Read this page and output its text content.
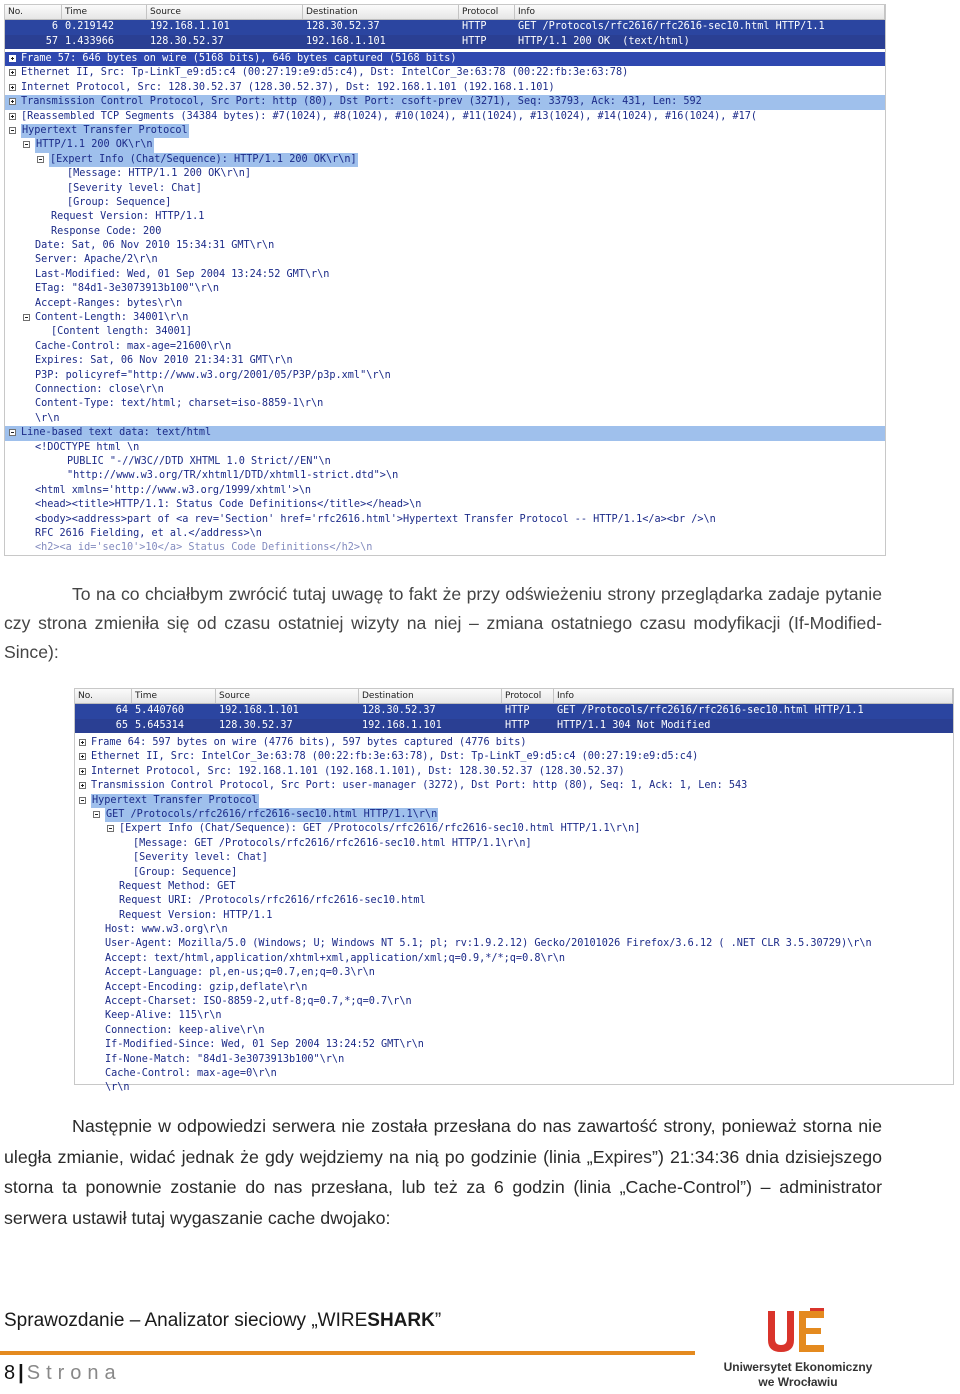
No.	Time	Source	Destination	Protocol	Info
6 0.219142	192.168.1.101	128.30.52.37	HTTP	GET /Protocols/rfc2616/rfc2616-sec10.html HTTP/1.1
57 1.433966	128.30.52.37	192.168.1.101	HTTP	HTTP/1.1 200 OK  (text/html)
Frame 57: 646 bytes on wire (5168 bits), 646 bytes captured (5168 bits)
Ethernet II, Src: Tp-LinkT_e9:d5:c4 (00:27:19:e9:d5:c4), Dst: IntelCor_3e:63:78 (00:22:fb:3e:63:78)
Internet Protocol, Src: 128.30.52.37 (128.30.52.37), Dst: 192.168.1.101 (192.168.1.101)
Transmission Control Protocol, Src Port: http (80), Dst Port: csoft-prev (3271), Seq: 33793, Ack: 431, Len: 592
[Reassembled TCP Segments (34384 bytes): #7(1024), #8(1024), #10(1024), #11(1024), #13(1024), #14(1024), #16(1024), #17(
Hypertext Transfer Protocol
HTTP/1.1 200 OK\r\n
[Expert Info (Chat/Sequence): HTTP/1.1 200 OK\r\n]
[Message: HTTP/1.1 200 OK\r\n]
[Severity level: Chat]
[Group: Sequence]
Request Version: HTTP/1.1
Response Code: 200
Date: Sat, 06 Nov 2010 15:34:31 GMT\r\n
Server: Apache/2\r\n
Last-Modified: Wed, 01 Sep 2004 13:24:52 GMT\r\n
ETag: "84d1-3e3073913b100"\r\n
Accept-Ranges: bytes\r\n
Content-Length: 34001\r\n
[Content length: 34001]
Cache-Control: max-age=21600\r\n
Expires: Sat, 06 Nov 2010 21:34:31 GMT\r\n
P3P: policyref="http://www.w3.org/2001/05/P3P/p3p.xml"\r\n
Connection: close\r\n
Content-Type: text/html; charset=iso-8859-1\r\n
\r\n
Line-based text data: text/html
<!DOCTYPE html \n
PUBLIC "-//W3C//DTD XHTML 1.0 Strict//EN"\n
"http://www.w3.org/TR/xhtml1/DTD/xhtml1-strict.dtd">\n
<html xmlns='http://www.w3.org/1999/xhtml'>\n
<head><title>HTTP/1.1: Status Code Definitions</title></head>\n
<body><address>part of <a rev='Section' href='rfc2616.html'>Hypertext Transfer Protocol -- HTTP/1.1</a><br />\n
RFC 2616 Fielding, et al.</address>\n
<h2><a id='sec10'>10</a> Status Code Definitions</h2>\n

To na co chciałbym zwrócić tutaj uwagę to fakt że przy odświeżeniu strony przeglądarka zadaje pytanie czy strona zmieniła się od czasu ostatniej wizyty na niej – zmiana ostatniego czasu modyfikacji (If-Modified-Since):

No.	Time	Source	Destination	Protocol	Info
64 5.440760	192.168.1.101	128.30.52.37	HTTP	GET /Protocols/rfc2616/rfc2616-sec10.html HTTP/1.1
65 5.645314	128.30.52.37	192.168.1.101	HTTP	HTTP/1.1 304 Not Modified
Frame 64: 597 bytes on wire (4776 bits), 597 bytes captured (4776 bits)
Ethernet II, Src: IntelCor_3e:63:78 (00:22:fb:3e:63:78), Dst: Tp-LinkT_e9:d5:c4 (00:27:19:e9:d5:c4)
Internet Protocol, Src: 192.168.1.101 (192.168.1.101), Dst: 128.30.52.37 (128.30.52.37)
Transmission Control Protocol, Src Port: user-manager (3272), Dst Port: http (80), Seq: 1, Ack: 1, Len: 543
Hypertext Transfer Protocol
GET /Protocols/rfc2616/rfc2616-sec10.html HTTP/1.1\r\n
[Expert Info (Chat/Sequence): GET /Protocols/rfc2616/rfc2616-sec10.html HTTP/1.1\r\n]
[Message: GET /Protocols/rfc2616/rfc2616-sec10.html HTTP/1.1\r\n]
[Severity level: Chat]
[Group: Sequence]
Request Method: GET
Request URI: /Protocols/rfc2616/rfc2616-sec10.html
Request Version: HTTP/1.1
Host: www.w3.org\r\n
User-Agent: Mozilla/5.0 (Windows; U; Windows NT 5.1; pl; rv:1.9.2.12) Gecko/20101026 Firefox/3.6.12 ( .NET CLR 3.5.30729)\r\n
Accept: text/html,application/xhtml+xml,application/xml;q=0.9,*/*;q=0.8\r\n
Accept-Language: pl,en-us;q=0.7,en;q=0.3\r\n
Accept-Encoding: gzip,deflate\r\n
Accept-Charset: ISO-8859-2,utf-8;q=0.7,*;q=0.7\r\n
Keep-Alive: 115\r\n
Connection: keep-alive\r\n
If-Modified-Since: Wed, 01 Sep 2004 13:24:52 GMT\r\n
If-None-Match: "84d1-3e3073913b100"\r\n
Cache-Control: max-age=0\r\n
\r\n

Następnie w odpowiedzi serwera nie została przesłana do nas zawartość strony, ponieważ storna nie uległa zmianie, widać jednak że gdy wejdziemy na nią po godzinie (linia „Expires”) 21:34:36 dnia dzisiejszego storna ta ponownie zostanie do nas przesłana, lub też za 6 godzin (linia „Cache-Control”) – administrator serwera ustawił tutaj wygaszanie cache dwojako:

Sprawozdanie – Analizator sieciowy „WIRESHARK”
8 | Strona	Uniwersytet Ekonomiczny
we Wrocławiu
